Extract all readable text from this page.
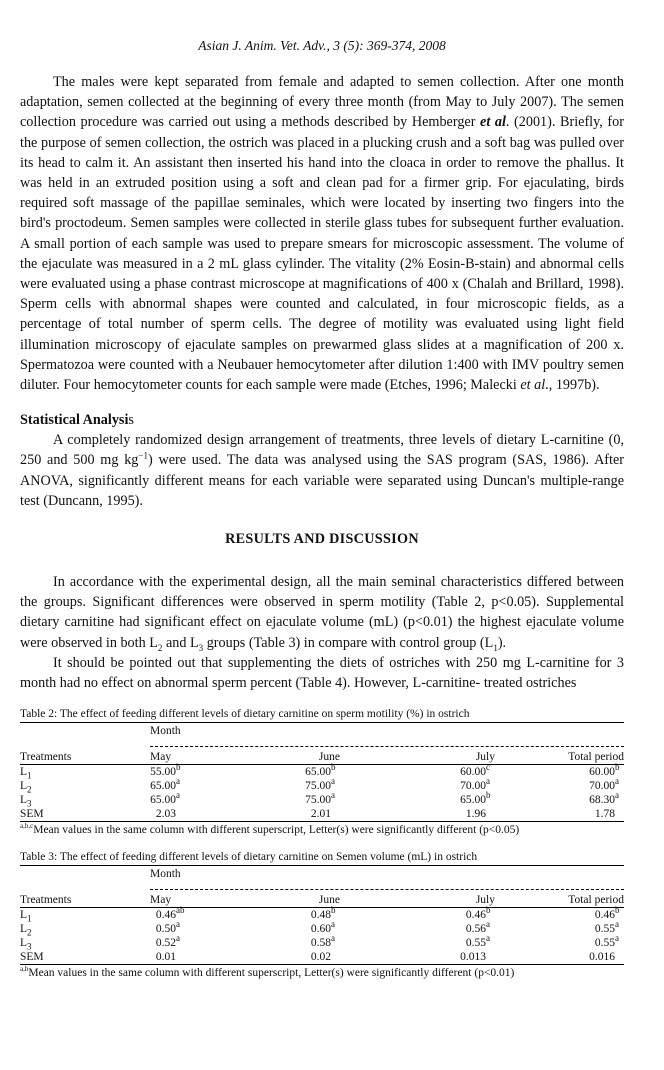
Asian J. Anim. Vet. Adv., 3 (5): 369-374, 2008

The males were kept separated from female and adapted to semen collection. After one month adaptation, semen collected at the beginning of every three month (from May to July 2007). The semen collection procedure was carried out using a methods described by Hemberger et al. (2001). Briefly, for the purpose of semen collection, the ostrich was placed in a plucking crush and a soft bag was pulled over its head to calm it. An assistant then inserted his hand into the cloaca in order to remove the phallus. It was held in an extruded position using a soft and clean pad for a firmer grip. For ejaculating, birds required soft massage of the papillae seminales, which were located by inserting two fingers into the bird's proctodeum. Semen samples were collected in sterile glass tubes for subsequent further evaluation. A small portion of each sample was used to prepare smears for microscopic assessment. The volume of the ejaculate was measured in a 2 mL glass cylinder. The vitality (2% Eosin-B-stain) and abnormal cells were evaluated using a phase contrast microscope at magnifications of 400 x (Chalah and Brillard, 1998). Sperm cells with abnormal shapes were counted and calculated, in four microscopic fields, as a percentage of total number of sperm cells. The degree of motility was evaluated using light field illumination microscopy of ejaculate samples on prewarmed glass slides at a magnification of 200 x. Spermatozoa were counted with a Neubauer hemocytometer after dilution 1:400 with IMV poultry semen diluter. Four hemocytometer counts for each sample were made (Etches, 1996; Malecki et al., 1997b).

Statistical Analysis

A completely randomized design arrangement of treatments, three levels of dietary L-carnitine (0, 250 and 500 mg $kg^{-1}$) were used. The data was analysed using the SAS program (SAS, 1986). After ANOVA, significantly different means for each variable were separated using Duncan's multiple-range test (Duncann, 1995).

RESULTS AND DISCUSSION

In accordance with the experimental design, all the main seminal characteristics differed between the groups. Significant differences were observed in sperm motility (Table 2, p<0.05). Supplemental dietary carnitine had significant effect on ejaculate volume (mL) (p<0.01) the highest ejaculate volume were observed in both $L_2$ and $L_3$ groups (Table 3) in compare with control group $(L_1)$.

It should be pointed out that supplementing the diets of ostriches with 250 mg L-carnitine for 3 month had no effect on abnormal sperm percent (Table 4). However, L-carnitine- treated ostriches

Table 2: The effect of feeding different levels of dietary carnitine on sperm motility (%) in ostrich
Month
Treatments	May	June	July	Total period
$L_1$	55.00$^b$	65.00$^b$	60.00$^c$	60.00$^b$
$L_2$	65.00$^a$	75.00$^a$	70.00$^a$	70.00$^a$
$L_3$	65.00$^a$	75.00$^a$	65.00$^b$	68.30$^a$
SEM	2.03	2.01	1.96	1.78
$^{a,b,c}$Mean values in the same column with different superscript, Letter(s) were significantly different (p<0.05)
Table 3: The effect of feeding different levels of dietary carnitine on Semen volume (mL) in ostrich
Month
Treatments	May	June	July	Total period
$L_1$	0.46$^{ab}$	0.48$^b$	0.46$^b$	0.46$^b$
$L_2$	0.50$^a$	0.60$^a$	0.56$^a$	0.55$^a$
$L_3$	0.52$^a$	0.58$^a$	0.55$^a$	0.55$^a$
SEM	0.01	0.02	0.013	0.016
$^{a,b}$Mean values in the same column with different superscript, Letter(s) were significantly different (p<0.01)
